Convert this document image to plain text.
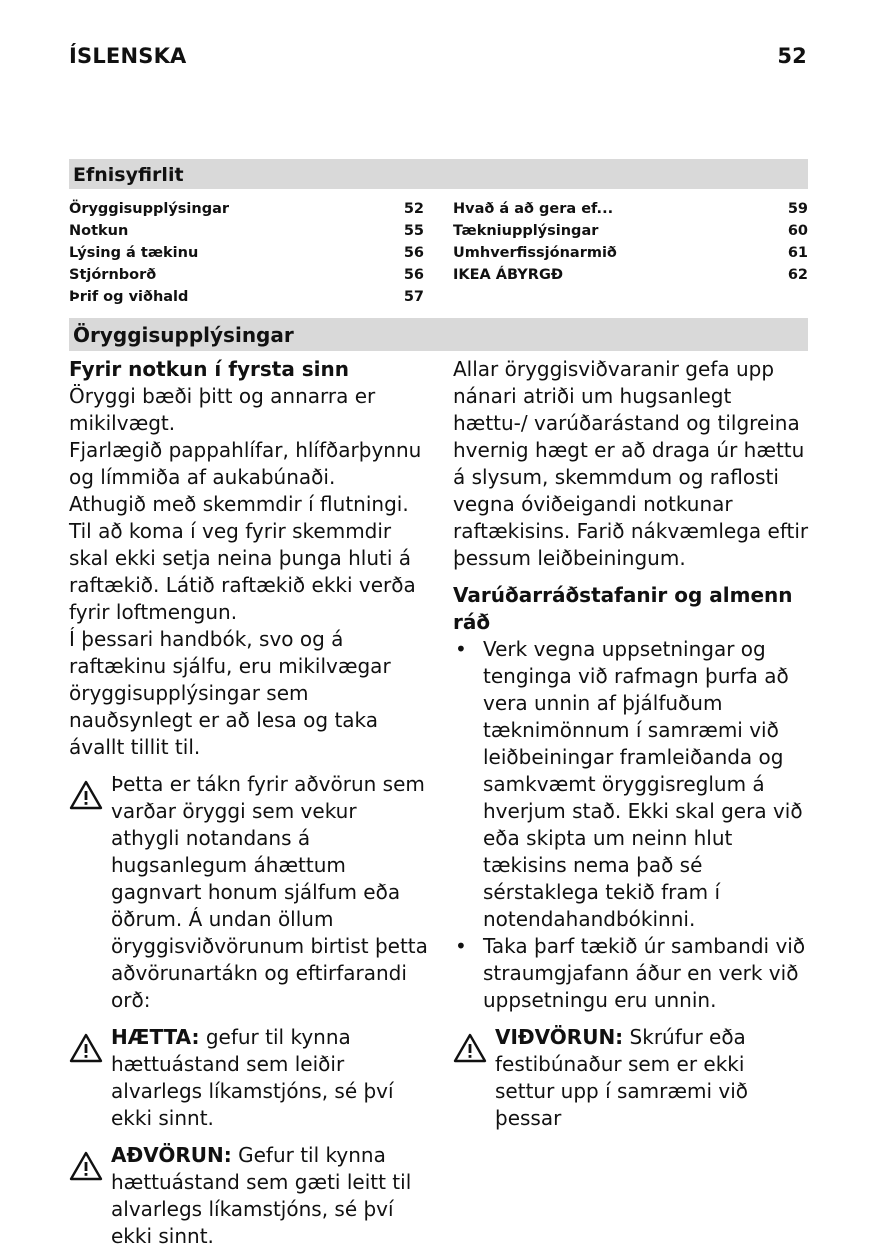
ÍSLENSKA	52
Efnisyfirlit
Öryggisupplýsingar	52
Notkun	55
Lýsing á tækinu	56
Stjórnborð	56
Þrif og viðhald	57
Hvað á að gera ef...	59
Tækniupplýsingar	60
Umhverfissjónarmið	61
IKEA ÁBYRGÐ	62
Öryggisupplýsingar

Fyrir notkun í fyrsta sinn

Öryggi bæði þitt og annarra er mikilvægt.

Fjarlægið pappahlífar, hlífðarþynnu og límmiða af aukabúnaði.

Athugið með skemmdir í flutningi. Til að koma í veg fyrir skemmdir skal ekki setja neina þunga hluti á raftækið. Látið raftækið ekki verða fyrir loftmengun.

Í þessari handbók, svo og á raftækinu sjálfu, eru mikilvægar öryggisupplýsingar sem nauðsynlegt er að lesa og taka ávallt tillit til.

Þetta er tákn fyrir aðvörun sem varðar öryggi sem vekur athygli notandans á hugsanlegum áhættum gagnvart honum sjálfum eða öðrum. Á undan öllum öryggisviðvörunum birtist þetta aðvörunartákn og eftirfarandi orð:
HÆTTA: gefur til kynna hættuástand sem leiðir alvarlegs líkamstjóns, sé því ekki sinnt.
AÐVÖRUN: Gefur til kynna hættuástand sem gæti leitt til alvarlegs líkamstjóns, sé því ekki sinnt.

Allar öryggisviðvaranir gefa upp nánari atriði um hugsanlegt hættu-/ varúðarástand og tilgreina hvernig hægt er að draga úr hættu á slysum, skemmdum og raflosti vegna óviðeigandi notkunar raftækisins. Farið nákvæmlega eftir þessum leiðbeiningum.

Varúðarráðstafanir og almenn ráð

• Verk vegna uppsetningar og tenginga við rafmagn þurfa að vera unnin af þjálfuðum tæknimönnum í samræmi við leiðbeiningar framleiðanda og samkvæmt öryggisreglum á hverjum stað. Ekki skal gera við eða skipta um neinn hlut tækisins nema það sé sérstaklega tekið fram í notendahandbókinni.
• Taka þarf tækið úr sambandi við straumgjafann áður en verk við uppsetningu eru unnin.
VIÐVÖRUN: Skrúfur eða festibúnaður sem er ekki settur upp í samræmi við þessar
